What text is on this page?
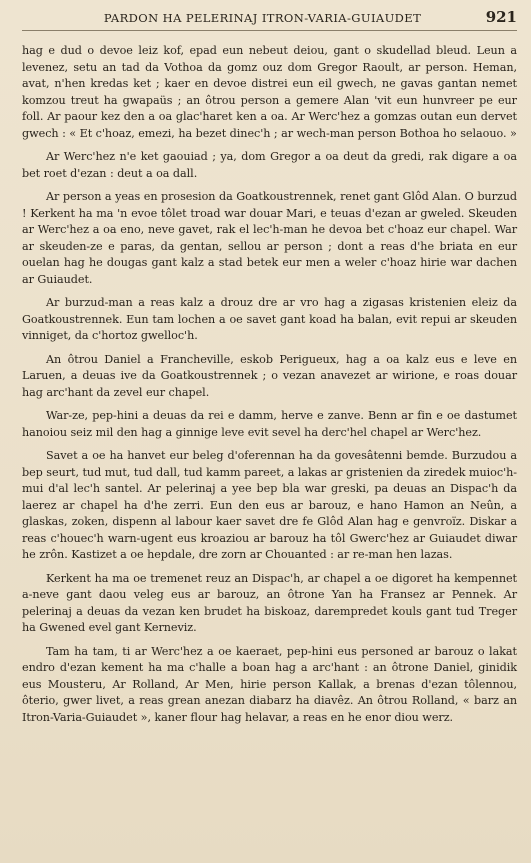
PARDON HA PELERINAJ ITRON-VARIA-GUIAUDET	921

hag e dud o devoe leiz kof, epad eun nebeut deiou, gant o skudellad bleud. Leun a levenez, setu an tad da Vothoa da gomz ouz dom Gregor Raoult, ar person. Heman, avat, n'hen kredas ket ; kaer en devoe distrei eun eil gwech, ne gavas gantan nemet komzou treut ha gwapaüs ; an ôtrou person a gemere Alan 'vit eun hunvreer pe eur foll. Ar paour kez den a oa glac'haret ken a oa. Ar Werc'hez a gomzas outan eun dervet gwech : « Et c'hoaz, emezi, ha bezet dinec'h ; ar wech-man person Bothoa ho selaouo. »

Ar Werc'hez n'e ket gaouiad ; ya, dom Gregor a oa deut da gredi, rak digare a oa bet roet d'ezan : deut a oa dall.

Ar person a yeas en prosesion da Goatkoustrennek, renet gant Glôd Alan. O burzud ! Kerkent ha ma 'n evoe tôlet troad war douar Mari, e teuas d'ezan ar gweled. Skeuden ar Werc'hez a oa eno, neve gavet, rak el lec'h-man he devoa bet c'hoaz eur chapel. War ar skeuden-ze e paras, da gentan, sellou ar person ; dont a reas d'he briata en eur ouelan hag he dougas gant kalz a stad betek eur men a weler c'hoaz hirie war dachen ar Guiaudet.

Ar burzud-man a reas kalz a drouz dre ar vro hag a zigasas kristenien eleiz da Goatkoustrennek. Eun tam lochen a oe savet gant koad ha balan, evit repui ar skeuden vinniget, da c'hortoz gwelloc'h.

An ôtrou Daniel a Francheville, eskob Perigueux, hag a oa kalz eus e leve en Laruen, a deuas ive da Goatkoustrennek ; o vezan anavezet ar wirione, e roas douar hag arc'hant da zevel eur chapel.

War-ze, pep-hini a deuas da rei e damm, herve e zanve. Benn ar fin e oe dastumet hanoiou seiz mil den hag a ginnige leve evit sevel ha derc'hel chapel ar Werc'hez.

Savet a oe ha hanvet eur beleg d'oferennan ha da govesâtenni bemde. Burzudou a bep seurt, tud mut, tud dall, tud kamm pareet, a lakas ar gristenien da ziredek muioc'h-mui d'al lec'h santel. Ar pelerinaj a yee bep bla war greski, pa deuas an Dispac'h da laerez ar chapel ha d'he zerri. Eun den eus ar barouz, e hano Hamon an Neûn, a glaskas, zoken, dispenn al labour kaer savet dre fe Glôd Alan hag e genvroïz. Diskar a reas c'houec'h warn-ugent eus kroaziou ar barouz ha tôl Gwerc'hez ar Guiaudet diwar he zrôn. Kastizet a oe hepdale, dre zorn ar Chouanted : ar re-man hen lazas.

Kerkent ha ma oe tremenet reuz an Dispac'h, ar chapel a oe digoret ha kempennet a-neve gant daou veleg eus ar barouz, an ôtrone Yan ha Fransez ar Pennek. Ar pelerinaj a deuas da vezan ken brudet ha biskoaz, darempredet kouls gant tud Treger ha Gwened evel gant Kerneviz.

Tam ha tam, ti ar Werc'hez a oe kaeraet, pep-hini eus personed ar barouz o lakat endro d'ezan kement ha ma c'halle a boan hag a arc'hant : an ôtrone Daniel, ginidik eus Mousteru, Ar Rolland, Ar Men, hirie person Kallak, a brenas d'ezan tôlennou, ôterio, gwer livet, a reas grean anezan diabarz ha diavêz. An ôtrou Rolland, « barz an Itron-Varia-Guiaudet », kaner flour hag helavar, a reas en he enor diou werz.
